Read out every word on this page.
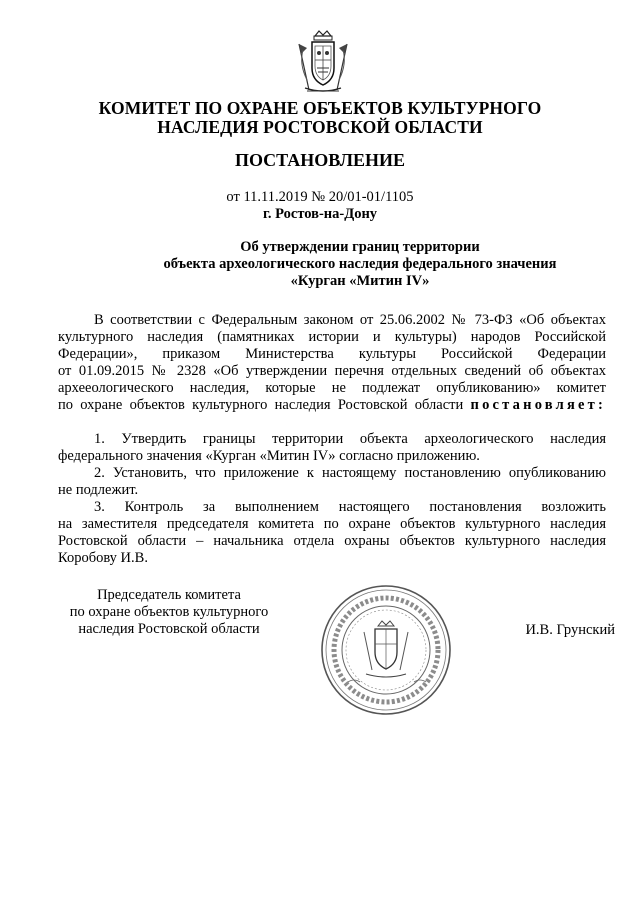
КОМИТЕТ ПО ОХРАНЕ ОБЪЕКТОВ КУЛЬТУРНОГО
НАСЛЕДИЯ РОСТОВСКОЙ ОБЛАСТИ
ПОСТАНОВЛЕНИЕ
от 11.11.2019 № 20/01-01/1105
г. Ростов-на-Дону
Об утверждении границ территории
объекта археологического наследия федерального значения
«Курган «Митин IV»
В соответствии с Федеральным законом от 25.06.2002 № 73-ФЗ «Об объектах
культурного наследия (памятниках истории и культуры) народов Российской
Федерации», приказом Министерства культуры Российской Федерации
от 01.09.2015 № 2328 «Об утверждении перечня отдельных сведений об объектах
архееологического наследия, которые не подлежат опубликованию» комитет
по охране объектов культурного наследия Ростовской области постановляет:
1. Утвердить границы территории объекта археологического наследия
федерального значения «Курган «Митин IV» согласно приложению.
2. Установить, что приложение к настоящему постановлению опубликованию
не подлежит.
3. Контроль за выполнением настоящего постановления возложить
на заместителя председателя комитета по охране объектов культурного наследия
Ростовской области – начальника отдела охраны объектов культурного наследия
Коробову И.В.
Председатель комитета
по охране объектов культурного
наследия Ростовской области	И.В. Грунский
